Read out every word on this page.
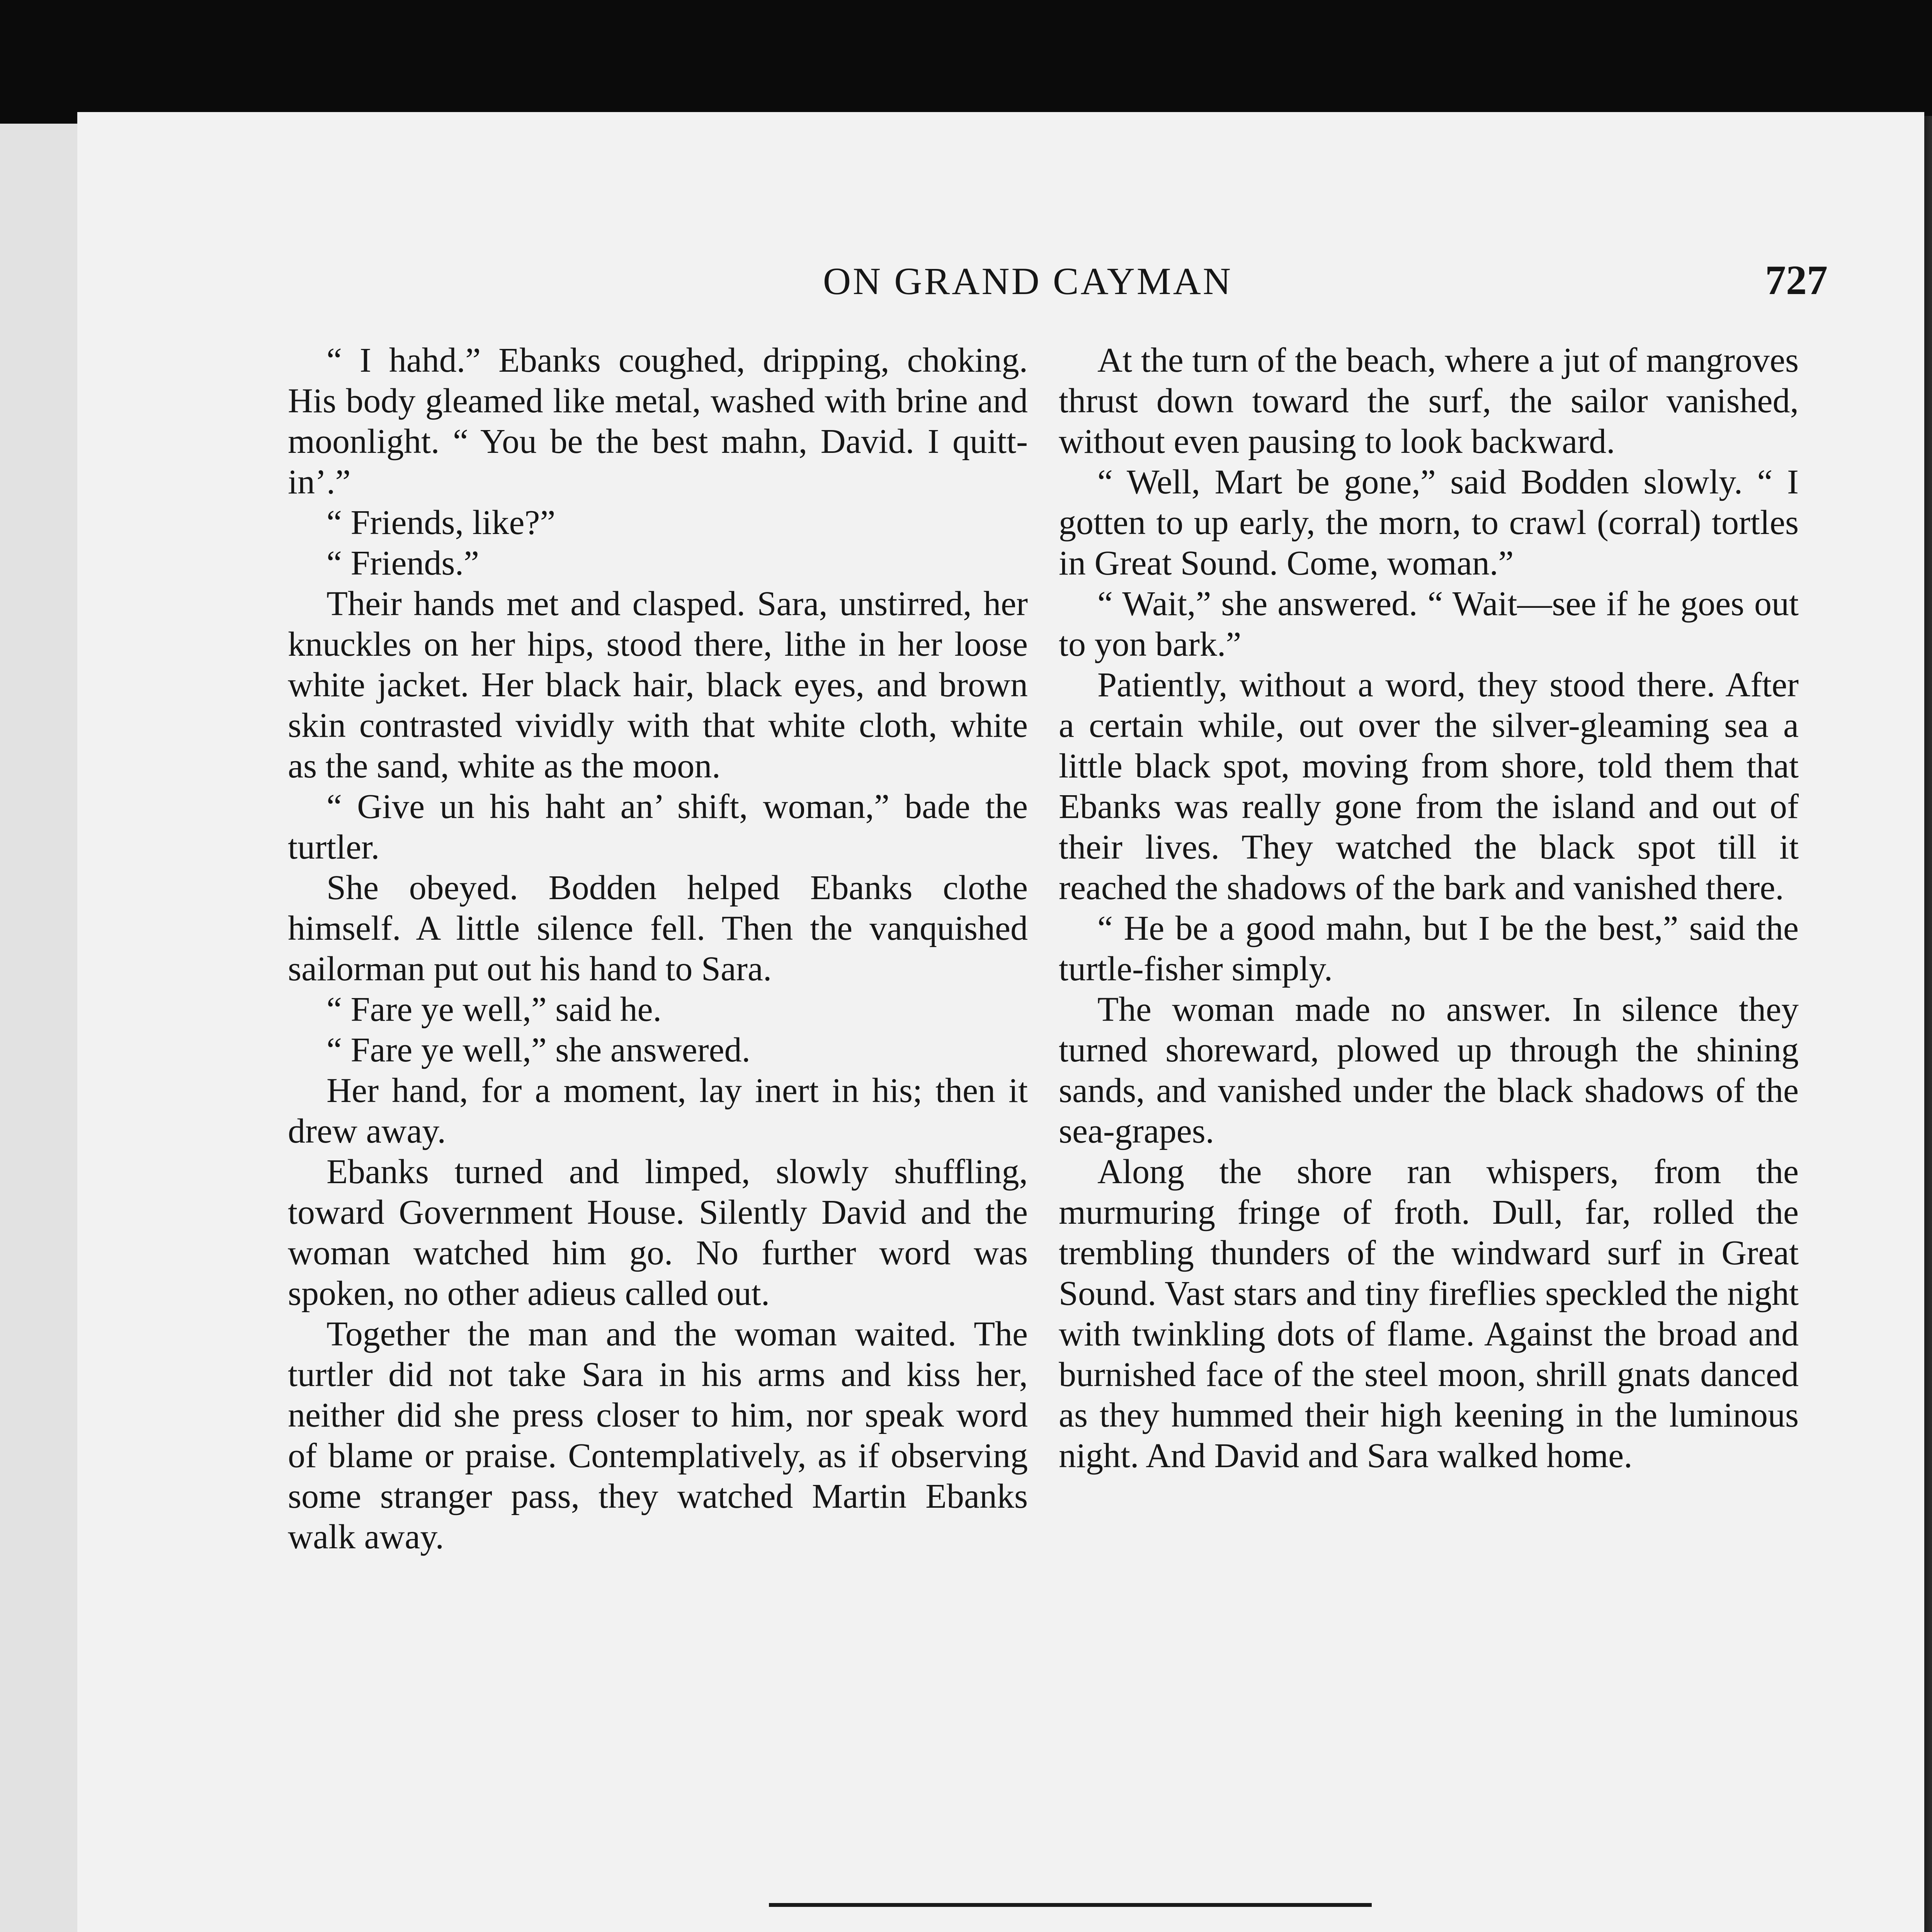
ON GRAND CAYMAN	727

“ I hahd.” Ebanks coughed, dripping, choking. His body gleamed like metal, washed with brine and moonlight. “ You be the best mahn, David. I quitt-in’.”

“ Friends, like?”

“ Friends.”

Their hands met and clasped. Sara, unstirred, her knuckles on her hips, stood there, lithe in her loose white jacket. Her black hair, black eyes, and brown skin contrasted vividly with that white cloth, white as the sand, white as the moon.

“ Give un his haht an’ shift, woman,” bade the turtler.

She obeyed. Bodden helped Ebanks clothe himself. A little silence fell. Then the vanquished sailorman put out his hand to Sara.

“ Fare ye well,” said he.

“ Fare ye well,” she answered.

Her hand, for a moment, lay inert in his; then it drew away.

Ebanks turned and limped, slowly shuffling, toward Government House. Silently David and the woman watched him go. No further word was spoken, no other adieus called out.

Together the man and the woman waited. The turtler did not take Sara in his arms and kiss her, neither did she press closer to him, nor speak word of blame or praise. Contemplatively, as if observing some stranger pass, they watched Martin Ebanks walk away.

At the turn of the beach, where a jut of mangroves thrust down toward the surf, the sailor vanished, without even pausing to look backward.

“ Well, Mart be gone,” said Bodden slowly. “ I gotten to up early, the morn, to crawl (corral) tortles in Great Sound. Come, woman.”

“ Wait,” she answered. “ Wait—see if he goes out to yon bark.”

Patiently, without a word, they stood there. After a certain while, out over the silver-gleaming sea a little black spot, moving from shore, told them that Ebanks was really gone from the island and out of their lives. They watched the black spot till it reached the shadows of the bark and vanished there.

“ He be a good mahn, but I be the best,” said the turtle-fisher simply.

The woman made no answer. In silence they turned shoreward, plowed up through the shining sands, and vanished under the black shadows of the sea-grapes.

Along the shore ran whispers, from the murmuring fringe of froth. Dull, far, rolled the trembling thunders of the windward surf in Great Sound. Vast stars and tiny fireflies speckled the night with twinkling dots of flame. Against the broad and burnished face of the steel moon, shrill gnats danced as they hummed their high keening in the luminous night. And David and Sara walked home.
